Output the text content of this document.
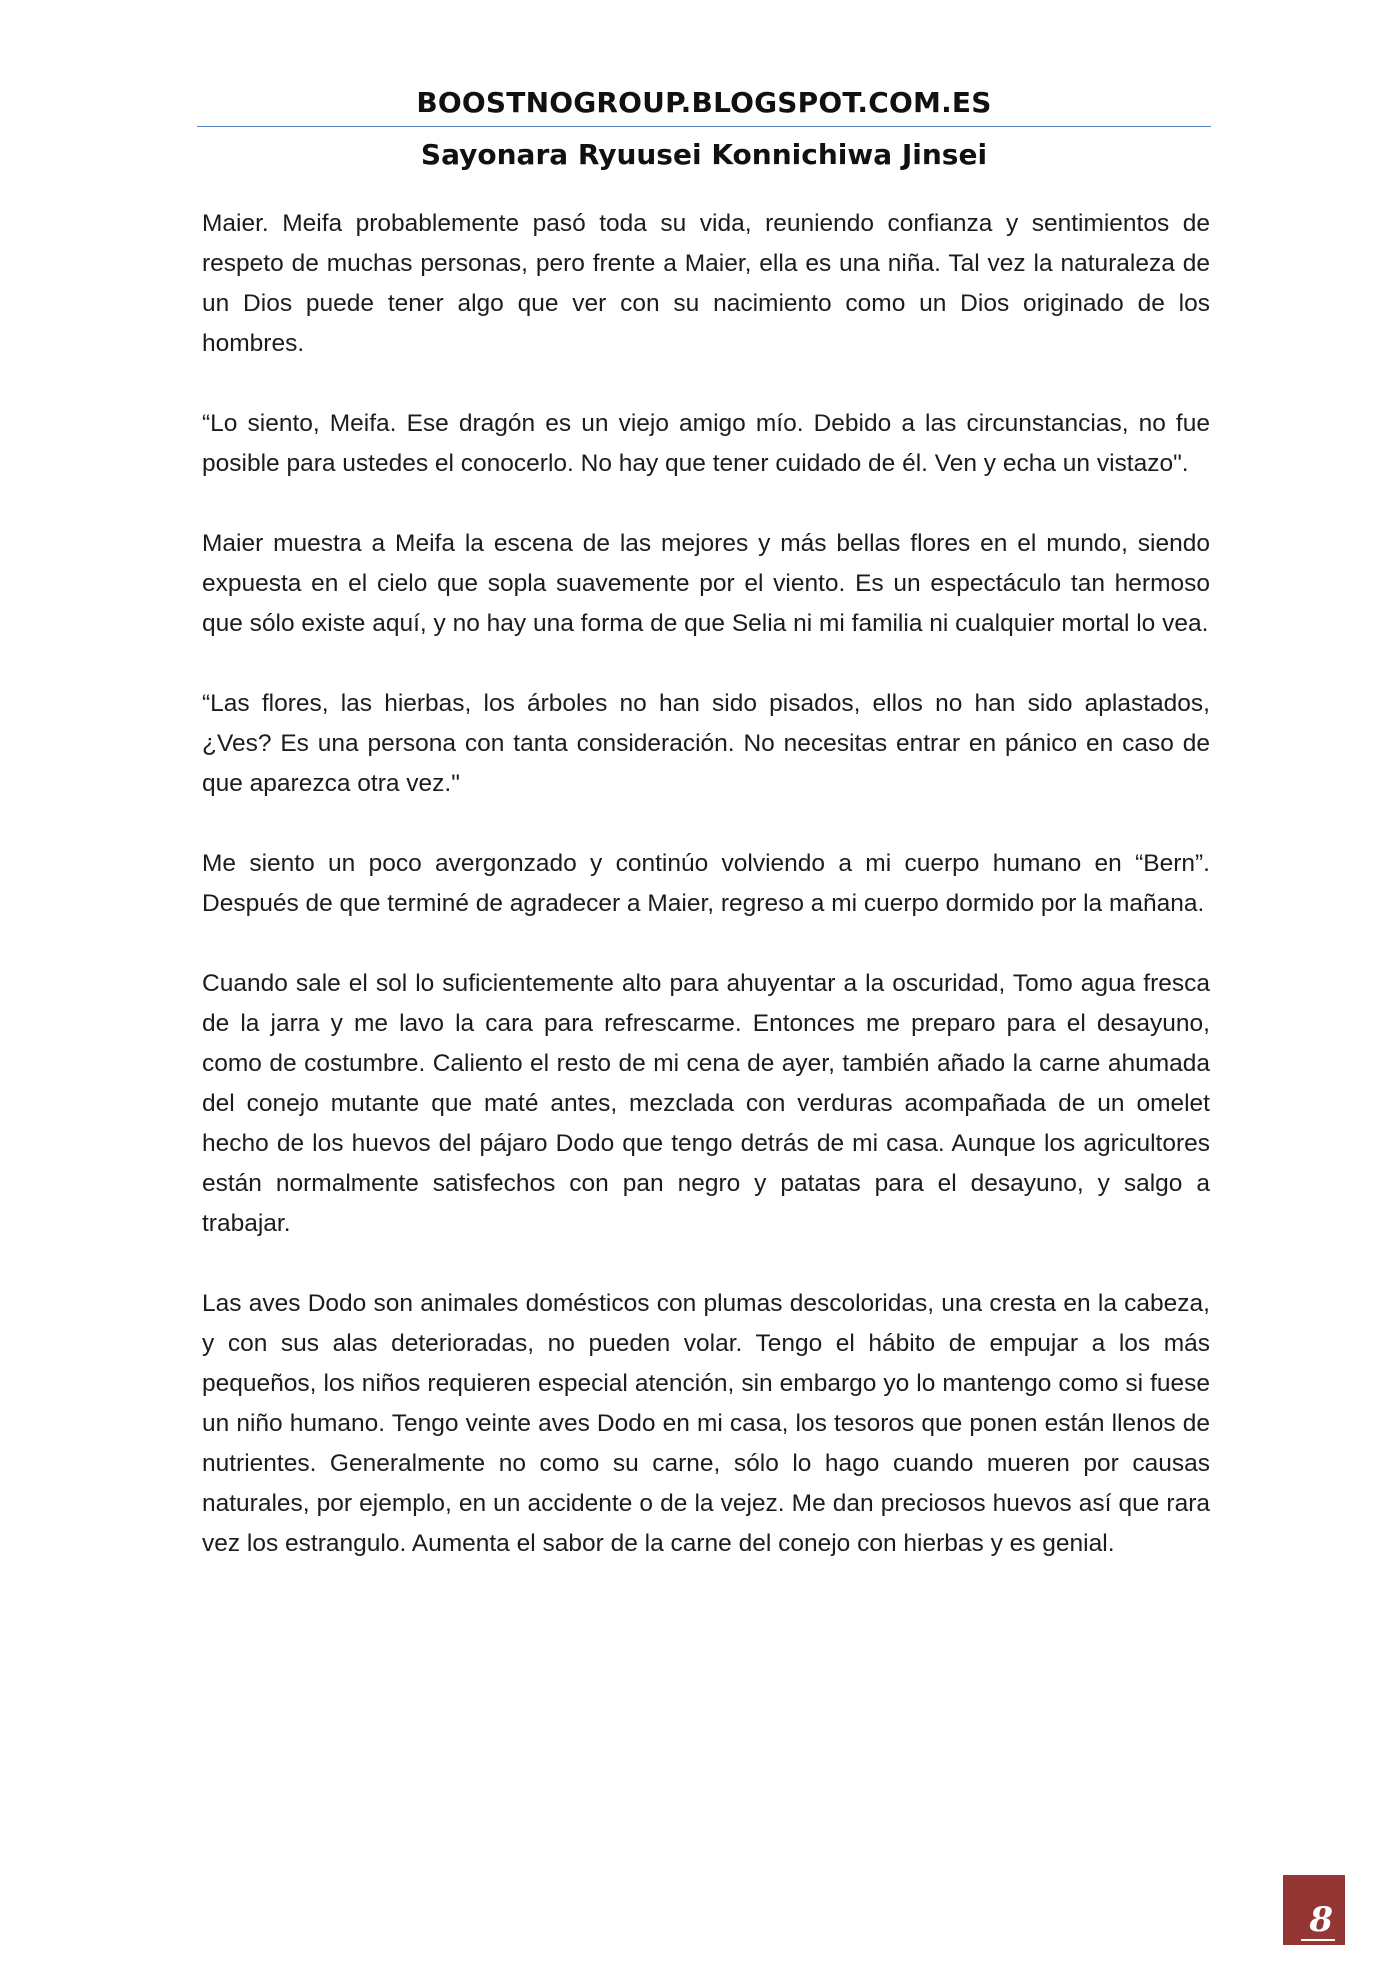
BOOSTNOGROUP.BLOGSPOT.COM.ES
Sayonara Ryuusei Konnichiwa Jinsei

Maier. Meifa probablemente pasó toda su vida, reuniendo confianza y sentimientos de respeto de muchas personas, pero frente a Maier, ella es una niña. Tal vez la naturaleza de un Dios puede tener algo que ver con su nacimiento como un Dios originado de los hombres.

“Lo siento, Meifa. Ese dragón es un viejo amigo mío. Debido a las circunstancias, no fue posible para ustedes el conocerlo. No hay que tener cuidado de él. Ven y echa un vistazo".

Maier muestra a Meifa la escena de las mejores y más bellas flores en el mundo, siendo expuesta en el cielo que sopla suavemente por el viento. Es un espectáculo tan hermoso que sólo existe aquí, y no hay una forma de que Selia ni mi familia ni cualquier mortal lo vea.

“Las flores, las hierbas, los árboles no han sido pisados, ellos no han sido aplastados, ¿Ves? Es una persona con tanta consideración. No necesitas entrar en pánico en caso de que aparezca otra vez."

Me siento un poco avergonzado y continúo volviendo a mi cuerpo humano en “Bern”. Después de que terminé de agradecer a Maier, regreso a mi cuerpo dormido por la mañana.

Cuando sale el sol lo suficientemente alto para ahuyentar a la oscuridad, Tomo agua fresca de la jarra y me lavo la cara para refrescarme. Entonces me preparo para el desayuno, como de costumbre. Caliento el resto de mi cena de ayer, también añado la carne ahumada del conejo mutante que maté antes, mezclada con verduras acompañada de un omelet hecho de los huevos del pájaro Dodo que tengo detrás de mi casa. Aunque los agricultores están normalmente satisfechos con pan negro y patatas para el desayuno, y salgo a trabajar.

Las aves Dodo son animales domésticos con plumas descoloridas, una cresta en la cabeza, y con sus alas deterioradas, no pueden volar. Tengo el hábito de empujar a los más pequeños, los niños requieren especial atención, sin embargo yo lo mantengo como si fuese un niño humano. Tengo veinte aves Dodo en mi casa, los tesoros que ponen están llenos de nutrientes. Generalmente no como su carne, sólo lo hago cuando mueren por causas naturales, por ejemplo, en un accidente o de la vejez. Me dan preciosos huevos así que rara vez los estrangulo. Aumenta el sabor de la carne del conejo con hierbas y es genial.

8
